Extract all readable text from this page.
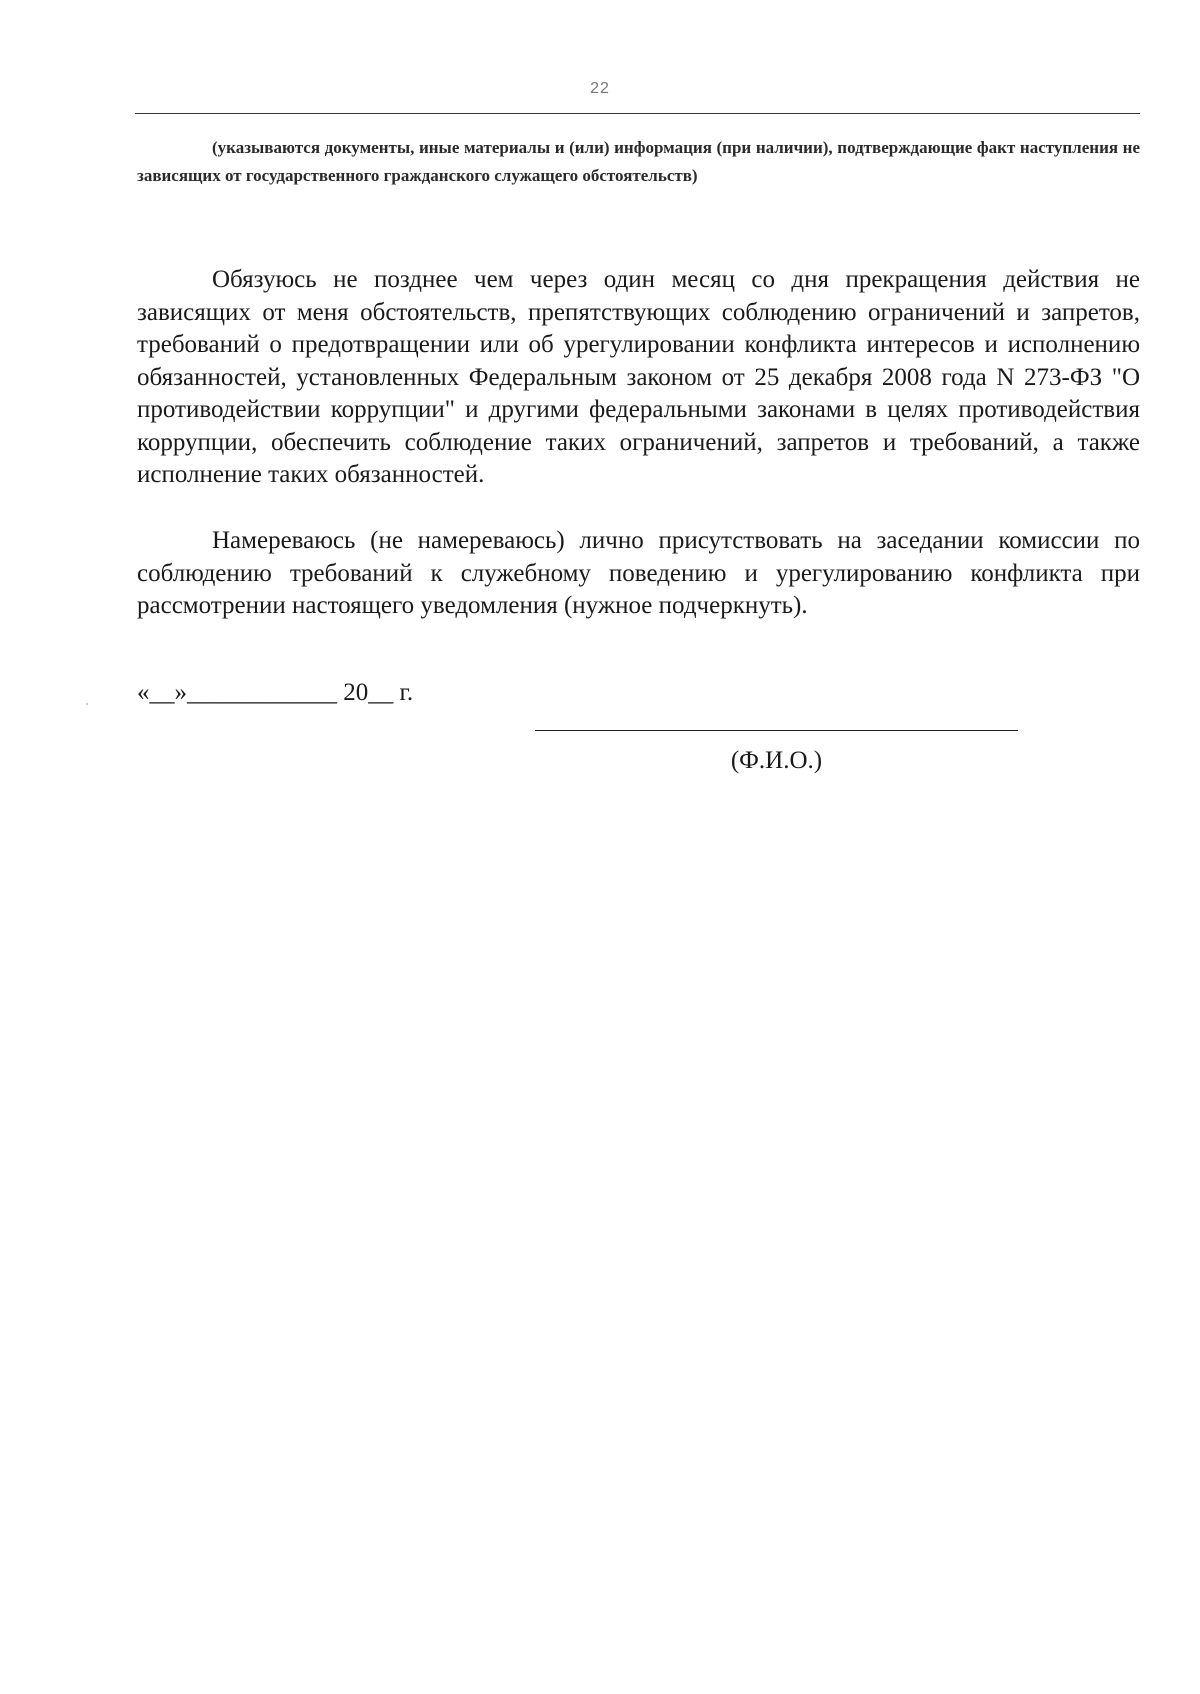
22
(указываются документы, иные материалы и (или) информация (при наличии), подтверждающие факт наступления не зависящих от государственного гражданского служащего обстоятельств)
Обязуюсь не позднее чем через один месяц со дня прекращения действия не зависящих от меня обстоятельств, препятствующих соблюдению ограничений и запретов, требований о предотвращении или об урегулировании конфликта интересов и исполнению обязанностей, установленных Федеральным законом от 25 декабря 2008 года N 273-ФЗ "О противодействии коррупции" и другими федеральными законами в целях противодействия коррупции, обеспечить соблюдение таких ограничений, запретов и требований, а также исполнение таких обязанностей.
Намереваюсь (не намереваюсь) лично присутствовать на заседании комиссии по соблюдению требований к служебному поведению и урегулированию конфликта при рассмотрении настоящего уведомления (нужное подчеркнуть).
«__»____________ 20__ г.
(Ф.И.О.)
